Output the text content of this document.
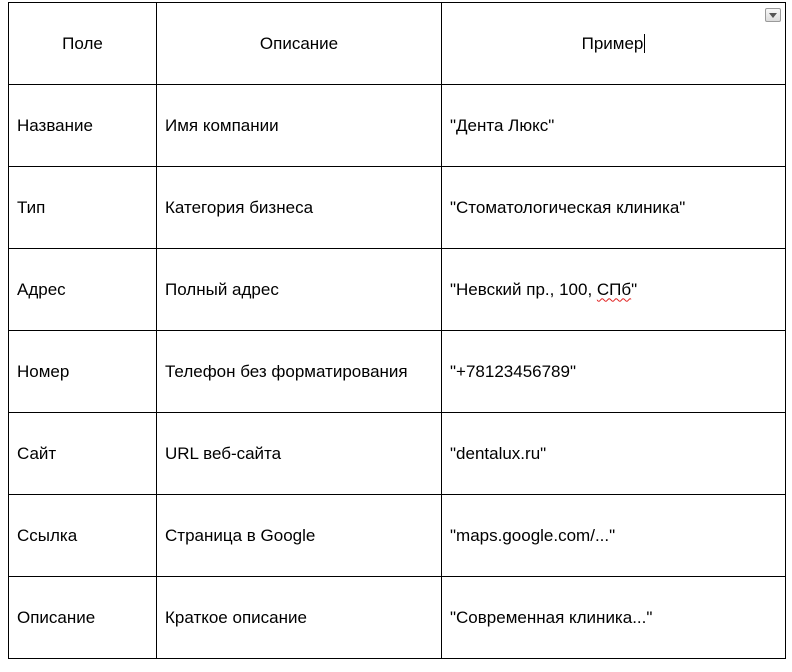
Поле	Описание	Пример
Название	Имя компании	"Дента Люкс"
Тип	Категория бизнеса	"Стоматологическая клиника"
Адрес	Полный адрес	"Невский пр., 100, СПб"
Номер	Телефон без форматирования	"+78123456789"
Сайт	URL веб-сайта	"dentalux.ru"
Ссылка	Страница в Google	"maps.google.com/..."
Описание	Краткое описание	"Современная клиника..."
